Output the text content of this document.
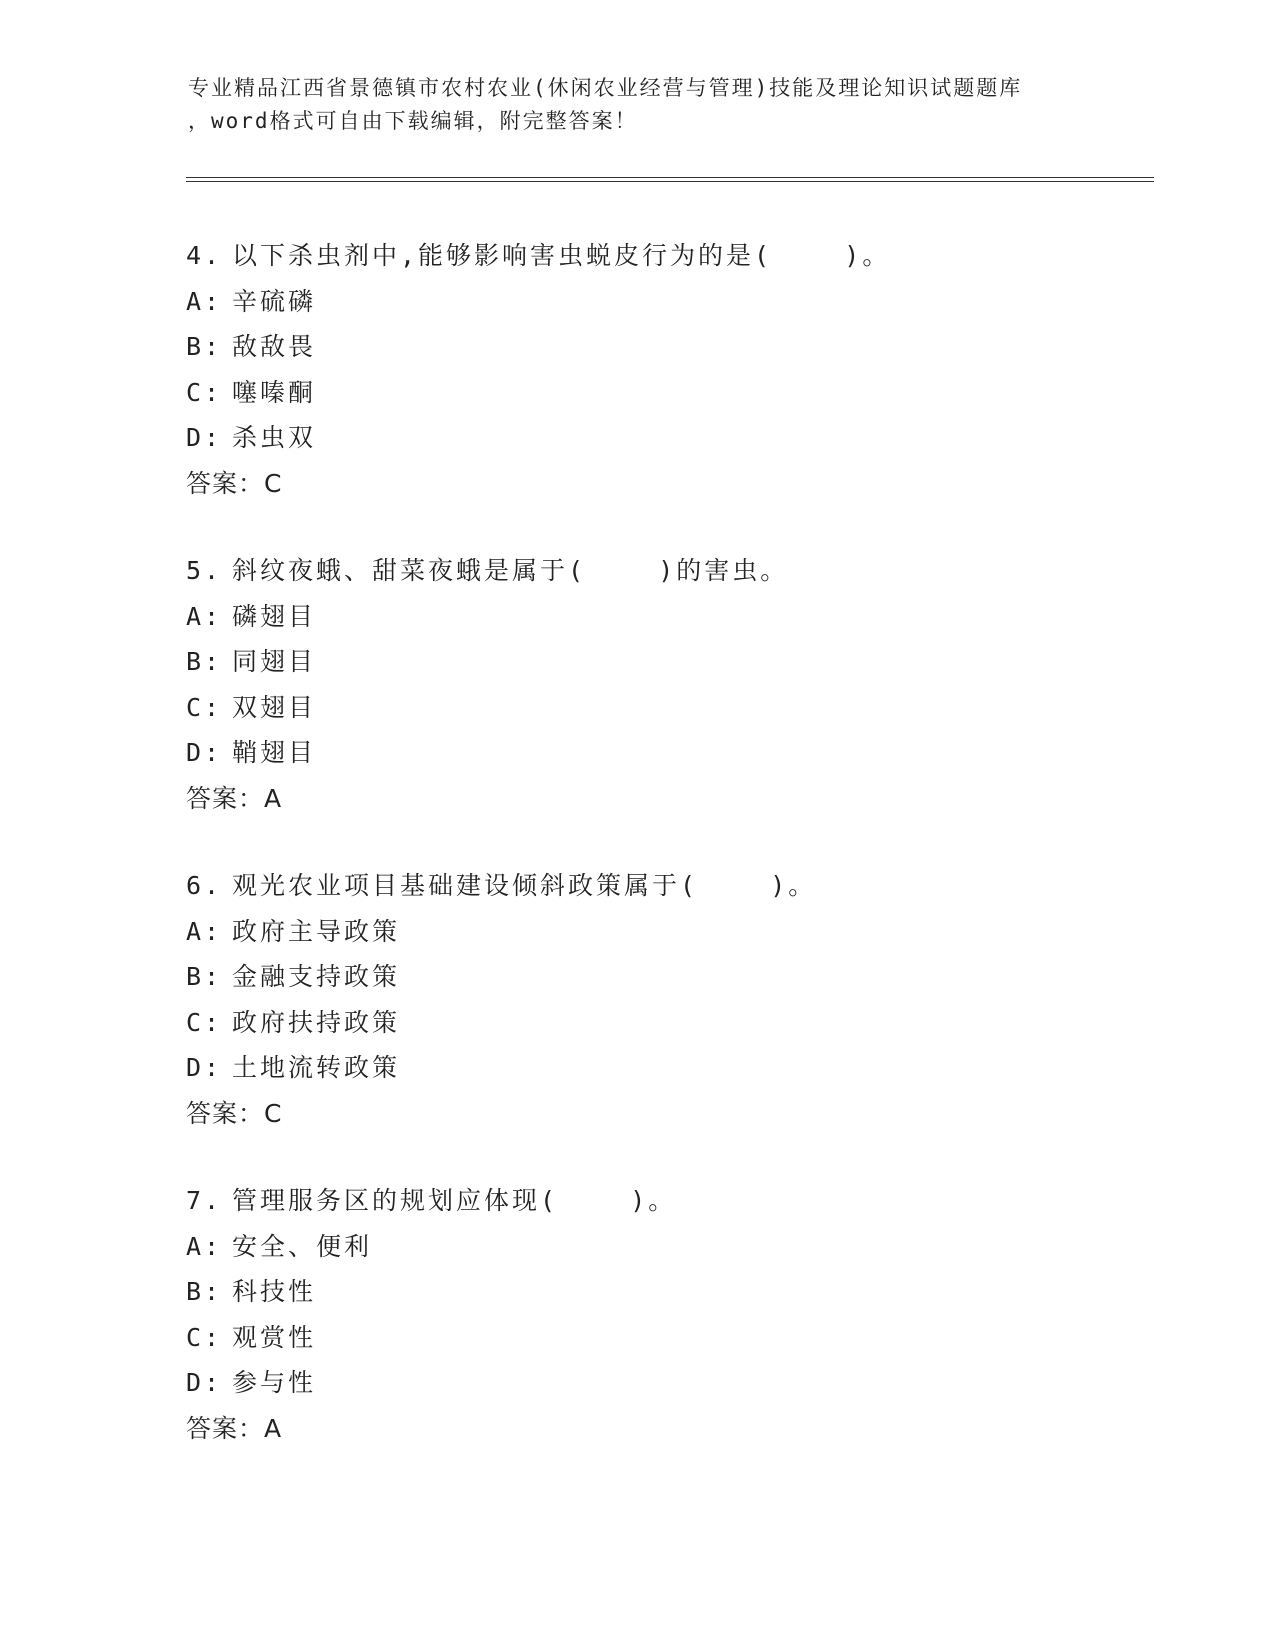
专业精品江西省景德镇市农村农业(休闲农业经营与管理)技能及理论知识试题题库
，word格式可自由下载编辑，附完整答案！
4. 以下杀虫剂中,能够影响害虫蜕皮行为的是(    )。
A: 辛硫磷
B: 敌敌畏
C: 噻嗪酮
D: 杀虫双
答案：C
5. 斜纹夜蛾、甜菜夜蛾是属于(    )的害虫。
A: 磷翅目
B: 同翅目
C: 双翅目
D: 鞘翅目
答案：A
6. 观光农业项目基础建设倾斜政策属于(    )。
A: 政府主导政策
B: 金融支持政策
C: 政府扶持政策
D: 土地流转政策
答案：C
7. 管理服务区的规划应体现(    )。
A: 安全、便利
B: 科技性
C: 观赏性
D: 参与性
答案：A
